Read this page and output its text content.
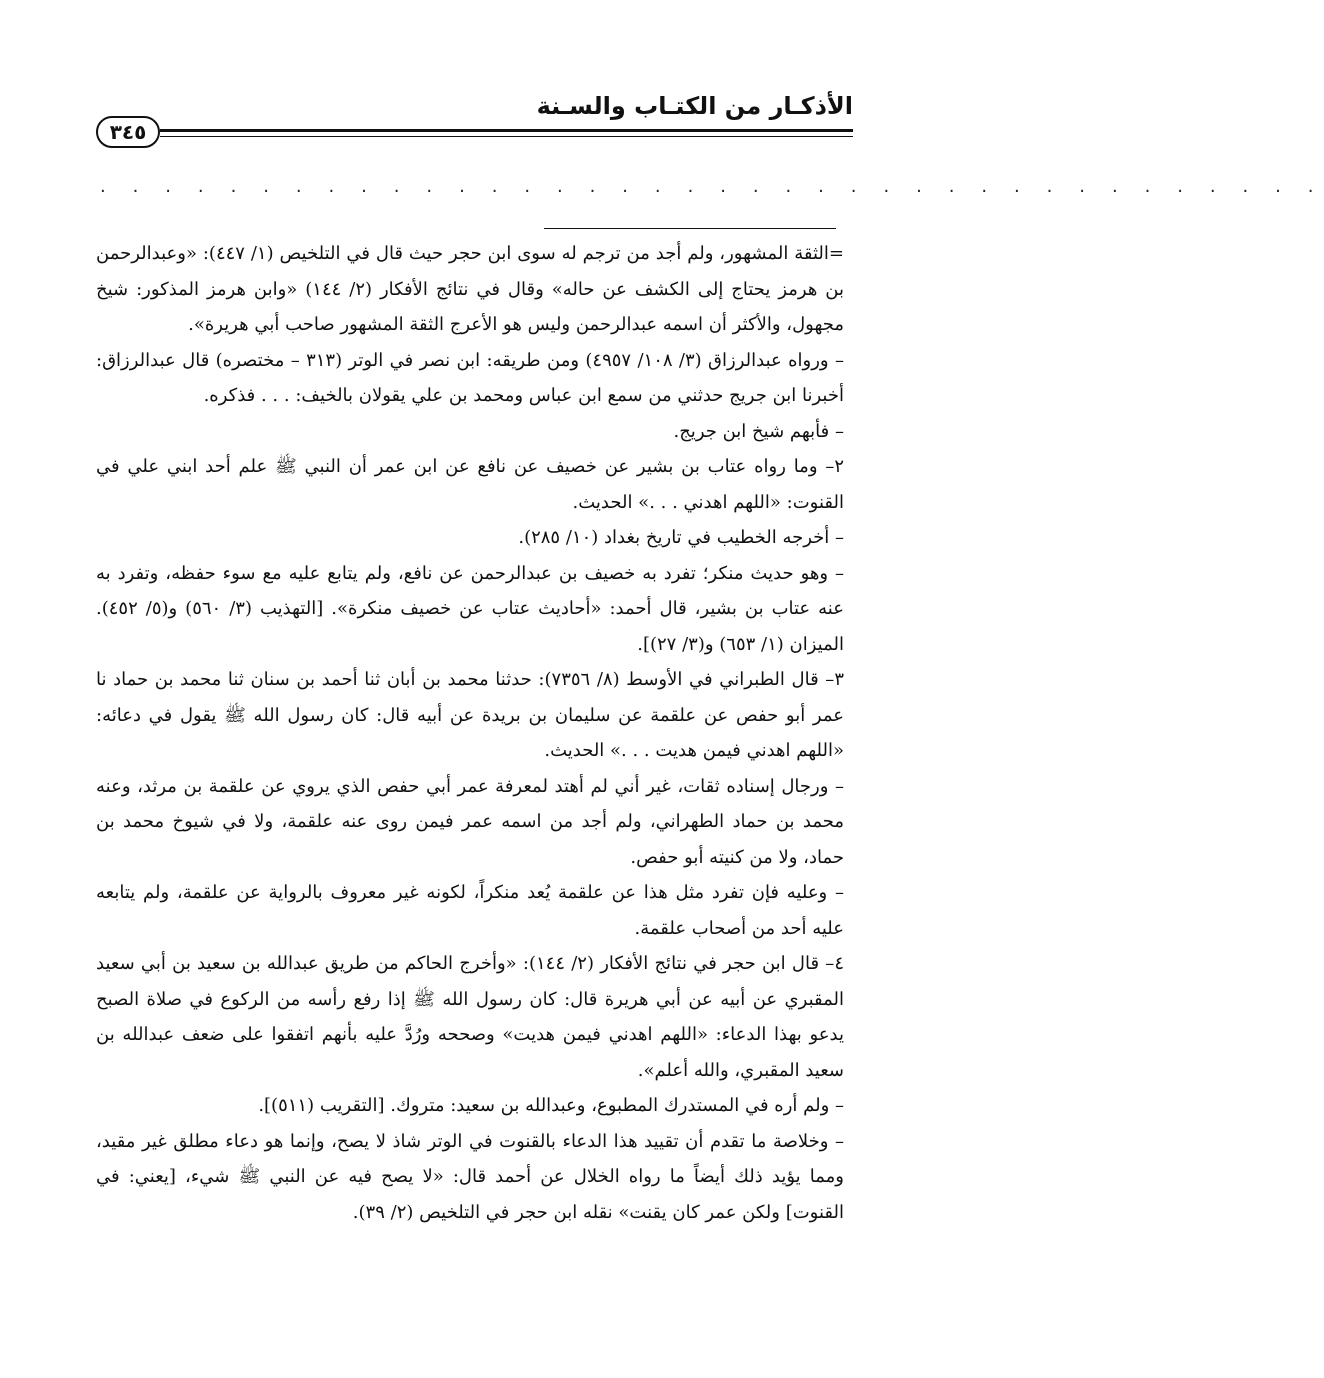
الأذكـار من الكتـاب والسـنة
٣٤٥
. . . . . . . . . . . . . . . . . . . . . . . . . . . . . . . . . . . . . .

=الثقة المشهور، ولم أجد من ترجم له سوى ابن حجر حيث قال في التلخيص (١/ ٤٤٧): «وعبدالرحمن بن هرمز يحتاج إلى الكشف عن حاله» وقال في نتائج الأفكار (٢/ ١٤٤) «وابن هرمز المذكور: شيخ مجهول، والأكثر أن اسمه عبدالرحمن وليس هو الأعرج الثقة المشهور صاحب أبي هريرة».

– ورواه عبدالرزاق (٣/ ١٠٨/ ٤٩٥٧) ومن طريقه: ابن نصر في الوتر (٣١٣ – مختصره) قال عبدالرزاق: أخبرنا ابن جريج حدثني من سمع ابن عباس ومحمد بن علي يقولان بالخيف: . . . فذكره.

– فأبهم شيخ ابن جريج.

٢– وما رواه عتاب بن بشير عن خصيف عن نافع عن ابن عمر أن النبي ﷺ علم أحد ابني علي في القنوت: «اللهم اهدني . . .» الحديث.

– أخرجه الخطيب في تاريخ بغداد (١٠/ ٢٨٥).

– وهو حديث منكر؛ تفرد به خصيف بن عبدالرحمن عن نافع، ولم يتابع عليه مع سوء حفظه، وتفرد به عنه عتاب بن بشير، قال أحمد: «أحاديث عتاب عن خصيف منكرة». [التهذيب (٣/ ٥٦٠) و(٥/ ٤٥٢). الميزان (١/ ٦٥٣) و(٣/ ٢٧)].

٣– قال الطبراني في الأوسط (٨/ ٧٣٥٦): حدثنا محمد بن أبان ثنا أحمد بن سنان ثنا محمد بن حماد نا عمر أبو حفص عن علقمة عن سليمان بن بريدة عن أبيه قال: كان رسول الله ﷺ يقول في دعائه: «اللهم اهدني فيمن هديت . . .» الحديث.

– ورجال إسناده ثقات، غير أني لم أهتد لمعرفة عمر أبي حفص الذي يروي عن علقمة بن مرثد، وعنه محمد بن حماد الطهراني، ولم أجد من اسمه عمر فيمن روى عنه علقمة، ولا في شيوخ محمد بن حماد، ولا من كنيته أبو حفص.

– وعليه فإن تفرد مثل هذا عن علقمة يُعد منكراً، لكونه غير معروف بالرواية عن علقمة، ولم يتابعه عليه أحد من أصحاب علقمة.

٤– قال ابن حجر في نتائج الأفكار (٢/ ١٤٤): «وأخرج الحاكم من طريق عبدالله بن سعيد بن أبي سعيد المقبري عن أبيه عن أبي هريرة قال: كان رسول الله ﷺ إذا رفع رأسه من الركوع في صلاة الصبح يدعو بهذا الدعاء: «اللهم اهدني فيمن هديت» وصححه ورُدَّ عليه بأنهم اتفقوا على ضعف عبدالله بن سعيد المقبري، والله أعلم».

– ولم أره في المستدرك المطبوع، وعبدالله بن سعيد: متروك. [التقريب (٥١١)].

– وخلاصة ما تقدم أن تقييد هذا الدعاء بالقنوت في الوتر شاذ لا يصح، وإنما هو دعاء مطلق غير مقيد، ومما يؤيد ذلك أيضاً ما رواه الخلال عن أحمد قال: «لا يصح فيه عن النبي ﷺ شيء، [يعني: في القنوت] ولكن عمر كان يقنت» نقله ابن حجر في التلخيص (٢/ ٣٩).
